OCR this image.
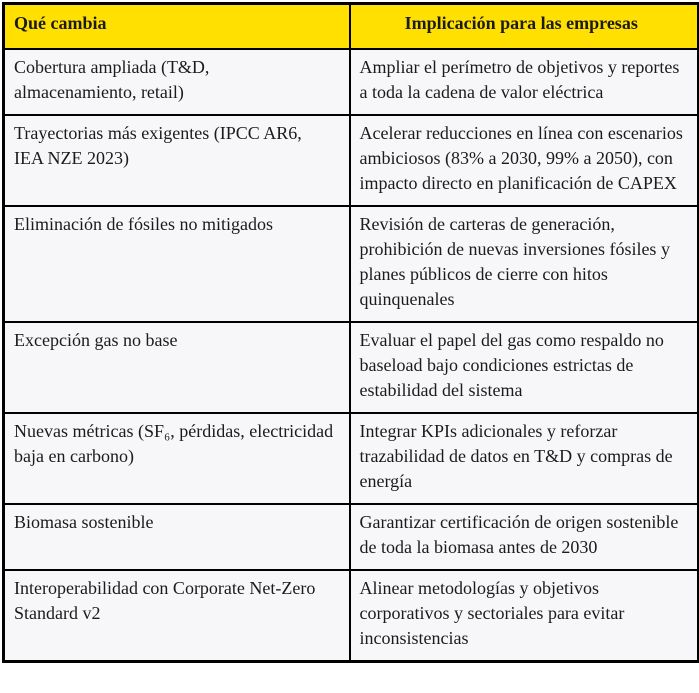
Qué cambia	Implicación para las empresas
Cobertura ampliada (T&D, almacenamiento, retail)	Ampliar el perímetro de objetivos y reportes a toda la cadena de valor eléctrica
Trayectorias más exigentes (IPCC AR6, IEA NZE 2023)	Acelerar reducciones en línea con escenarios ambiciosos (83% a 2030, 99% a 2050), con impacto directo en planificación de CAPEX
Eliminación de fósiles no mitigados	Revisión de carteras de generación, prohibición de nuevas inversiones fósiles y planes públicos de cierre con hitos quinquenales
Excepción gas no base	Evaluar el papel del gas como respaldo no baseload bajo condiciones estrictas de estabilidad del sistema
Nuevas métricas (SF₆, pérdidas, electricidad baja en carbono)	Integrar KPIs adicionales y reforzar trazabilidad de datos en T&D y compras de energía
Biomasa sostenible	Garantizar certificación de origen sostenible de toda la biomasa antes de 2030
Interoperabilidad con Corporate Net-Zero Standard v2	Alinear metodologías y objetivos corporativos y sectoriales para evitar inconsistencias
